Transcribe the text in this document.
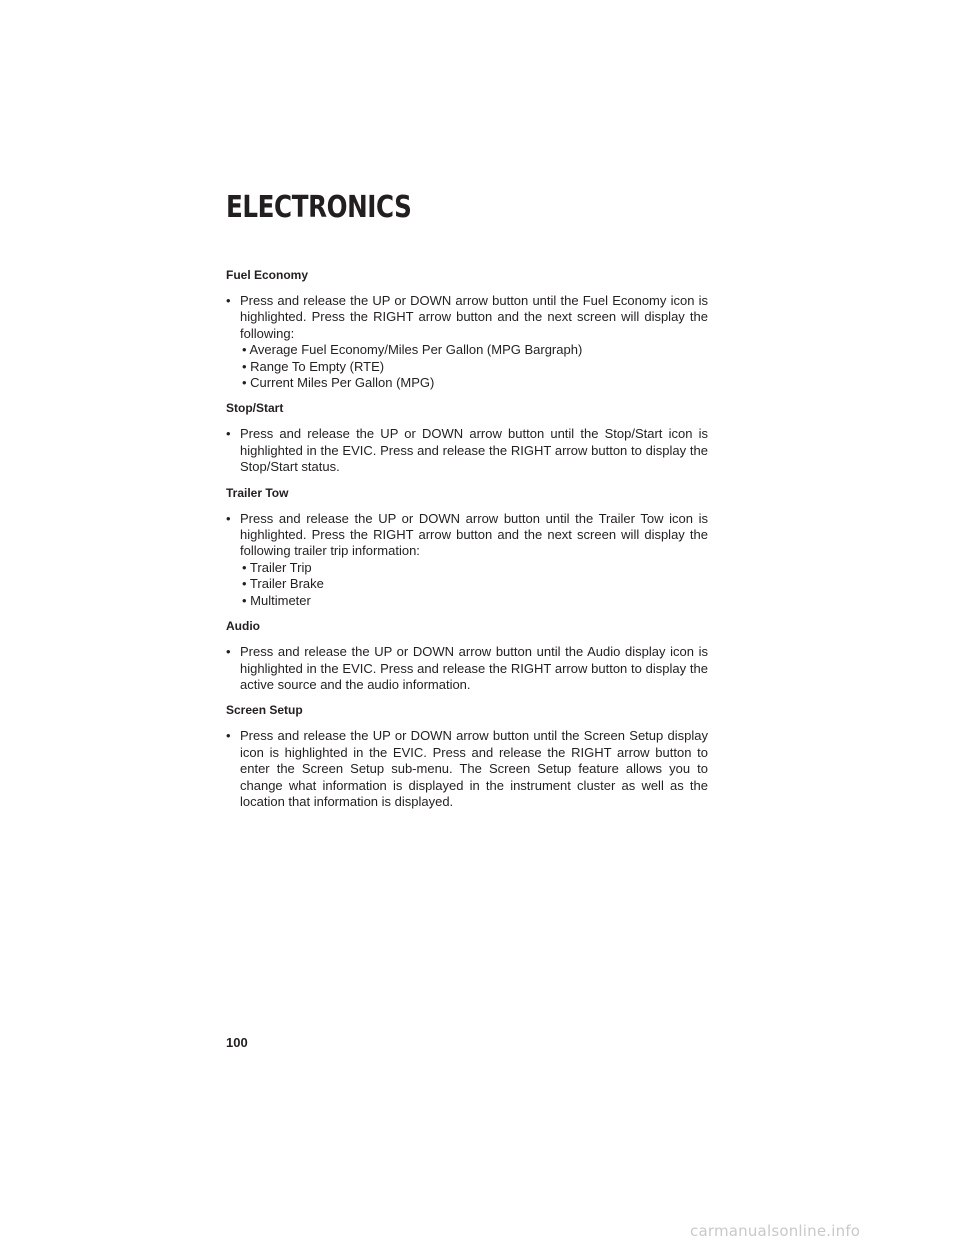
ELECTRONICS
Fuel Economy
• Press and release the UP or DOWN arrow button until the Fuel Economy icon is highlighted. Press the RIGHT arrow button and the next screen will display the following:
• Average Fuel Economy/Miles Per Gallon (MPG Bargraph)
• Range To Empty (RTE)
• Current Miles Per Gallon (MPG)
Stop/Start
• Press and release the UP or DOWN arrow button until the Stop/Start icon is highlighted in the EVIC. Press and release the RIGHT arrow button to display the Stop/Start status.
Trailer Tow
• Press and release the UP or DOWN arrow button until the Trailer Tow icon is highlighted. Press the RIGHT arrow button and the next screen will display the following trailer trip information:
• Trailer Trip
• Trailer Brake
• Multimeter
Audio
• Press and release the UP or DOWN arrow button until the Audio display icon is highlighted in the EVIC. Press and release the RIGHT arrow button to display the active source and the audio information.
Screen Setup
• Press and release the UP or DOWN arrow button until the Screen Setup display icon is highlighted in the EVIC. Press and release the RIGHT arrow button to enter the Screen Setup sub-menu. The Screen Setup feature allows you to change what information is displayed in the instrument cluster as well as the location that information is displayed.
100
carmanualsonline.info
